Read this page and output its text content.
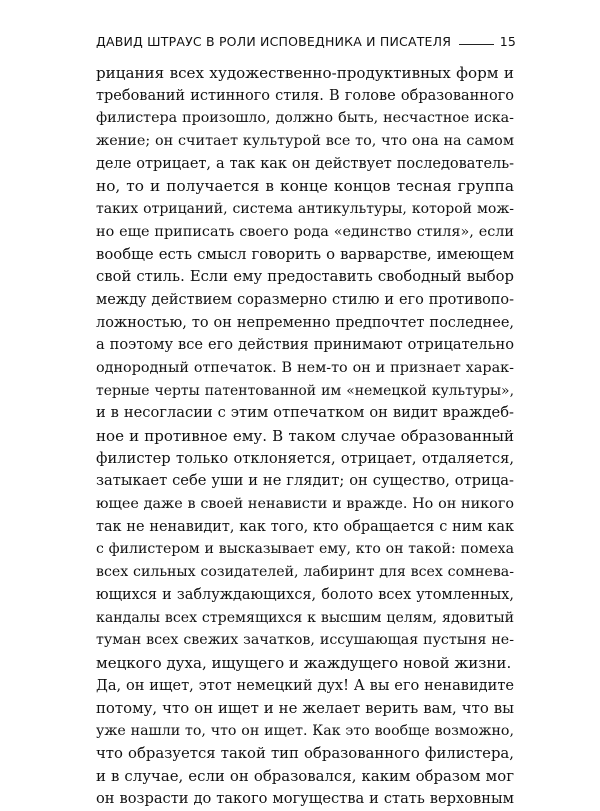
ДАВИД ШТРАУС В РОЛИ ИСПОВЕДНИКА И ПИСАТЕЛЯ	15
рицания всех художественно-продуктивных форм и
требований истинного стиля. В голове образованного
филистера произошло, должно быть, несчастное иска-
жение; он считает культурой все то, что она на самом
деле отрицает, а так как он действует последователь-
но, то и получается в конце концов тесная группа
таких отрицаний, система антикультуры, которой мож-
но еще приписать своего рода «единство стиля», если
вообще есть смысл говорить о варварстве, имеющем
свой стиль. Если ему предоставить свободный выбор
между действием соразмерно стилю и его противопо-
ложностью, то он непременно предпочтет последнее,
а поэтому все его действия принимают отрицательно
однородный отпечаток. В нем-то он и признает харак-
терные черты патентованной им «немецкой культуры»,
и в несогласии с этим отпечатком он видит враждеб-
ное и противное ему. В таком случае образованный
филистер только отклоняется, отрицает, отдаляется,
затыкает себе уши и не глядит; он существо, отрица-
ющее даже в своей ненависти и вражде. Но он никого
так не ненавидит, как того, кто обращается с ним как
с филистером и высказывает ему, кто он такой: помеха
всех сильных созидателей, лабиринт для всех сомнева-
ющихся и заблуждающихся, болото всех утомленных,
кандалы всех стремящихся к высшим целям, ядовитый
туман всех свежих зачатков, иссушающая пустыня не-
мецкого духа, ищущего и жаждущего новой жизни.
Да, он ищет, этот немецкий дух! А вы его ненавидите
потому, что он ищет и не желает верить вам, что вы
уже нашли то, что он ищет. Как это вообще возможно,
что образуется такой тип образованного филистера,
и в случае, если он образовался, каким образом мог
он возрасти до такого могущества и стать верховным
